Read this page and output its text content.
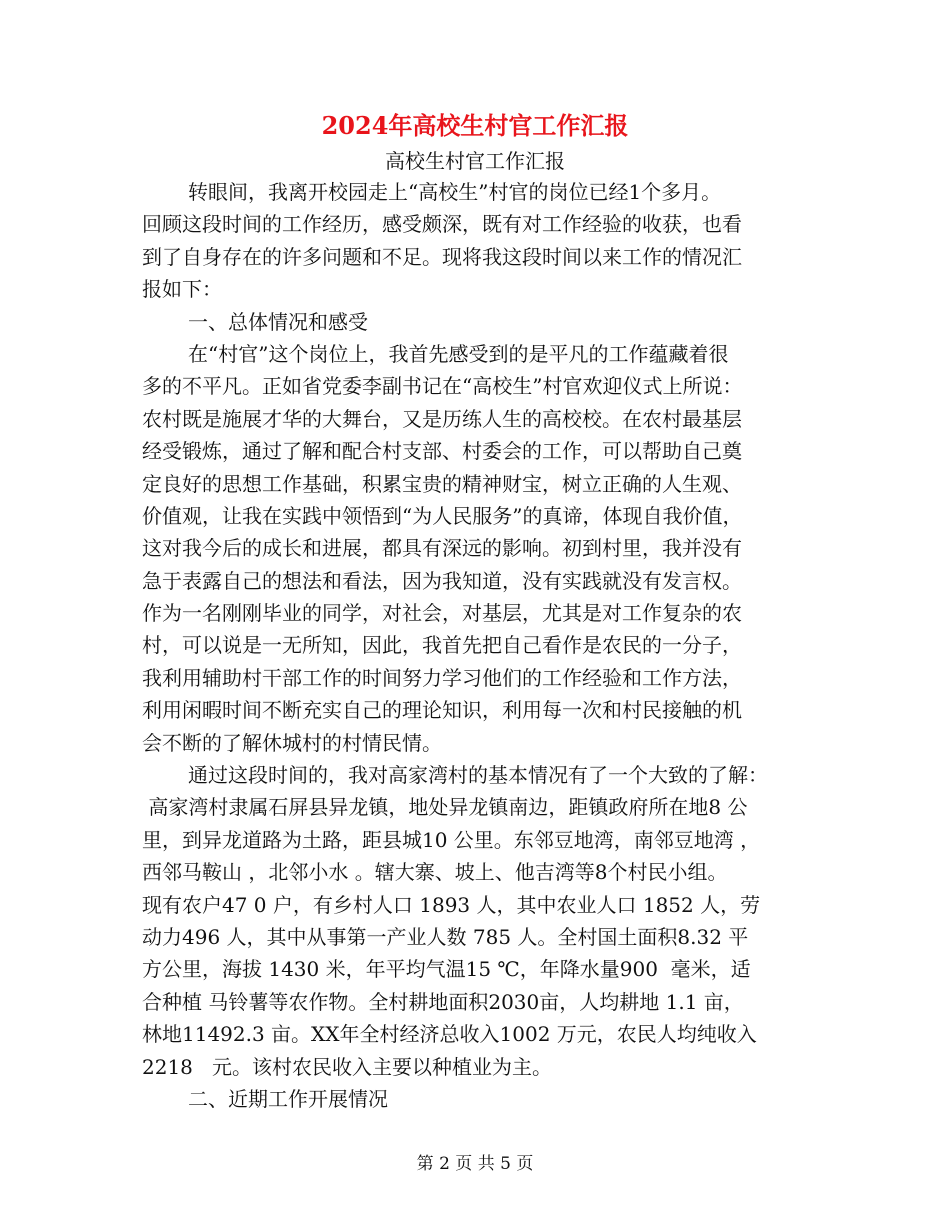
2024年高校生村官工作汇报
高校生村官工作汇报
转眼间，我离开校园走上“高校生”村官的岗位已经1个多月。
回顾这段时间的工作经历，感受颇深，既有对工作经验的收获，也看
到了自身存在的许多问题和不足。现将我这段时间以来工作的情况汇
报如下：
一、总体情况和感受
在“村官”这个岗位上，我首先感受到的是平凡的工作蕴藏着很
多的不平凡。正如省党委李副书记在“高校生”村官欢迎仪式上所说：
农村既是施展才华的大舞台，又是历练人生的高校校。在农村最基层
经受锻炼，通过了解和配合村支部、村委会的工作，可以帮助自己奠
定良好的思想工作基础，积累宝贵的精神财宝，树立正确的人生观、
价值观，让我在实践中领悟到“为人民服务”的真谛，体现自我价值，
这对我今后的成长和进展，都具有深远的影响。初到村里，我并没有
急于表露自己的想法和看法，因为我知道，没有实践就没有发言权。
作为一名刚刚毕业的同学，对社会，对基层，尤其是对工作复杂的农
村，可以说是一无所知，因此，我首先把自己看作是农民的一分子，
我利用辅助村干部工作的时间努力学习他们的工作经验和工作方法，
利用闲暇时间不断充实自己的理论知识，利用每一次和村民接触的机
会不断的了解休城村的村情民情。
通过这段时间的，我对高家湾村的基本情况有了一个大致的了解：
高家湾村隶属石屏县异龙镇，地处异龙镇南边，距镇政府所在地8 公
里，到异龙道路为土路，距县城10 公里。东邻豆地湾，南邻豆地湾 ，
西邻马鞍山 ，北邻小水 。辖大寨、坡上、他吉湾等8个村民小组。
现有农户47 0 户，有乡村人口 1893 人，其中农业人口 1852 人，劳
动力496 人，其中从事第一产业人数 785 人。全村国土面积8.32 平
方公里，海拔 1430 米，年平均气温15 ℃，年降水量900  毫米，适
合种植 马铃薯等农作物。全村耕地面积2030亩，人均耕地 1.1 亩，
林地11492.3 亩。XX年全村经济总收入1002 万元，农民人均纯收入
2218   元。该村农民收入主要以种植业为主。
二、近期工作开展情况
第 2 页 共 5 页
